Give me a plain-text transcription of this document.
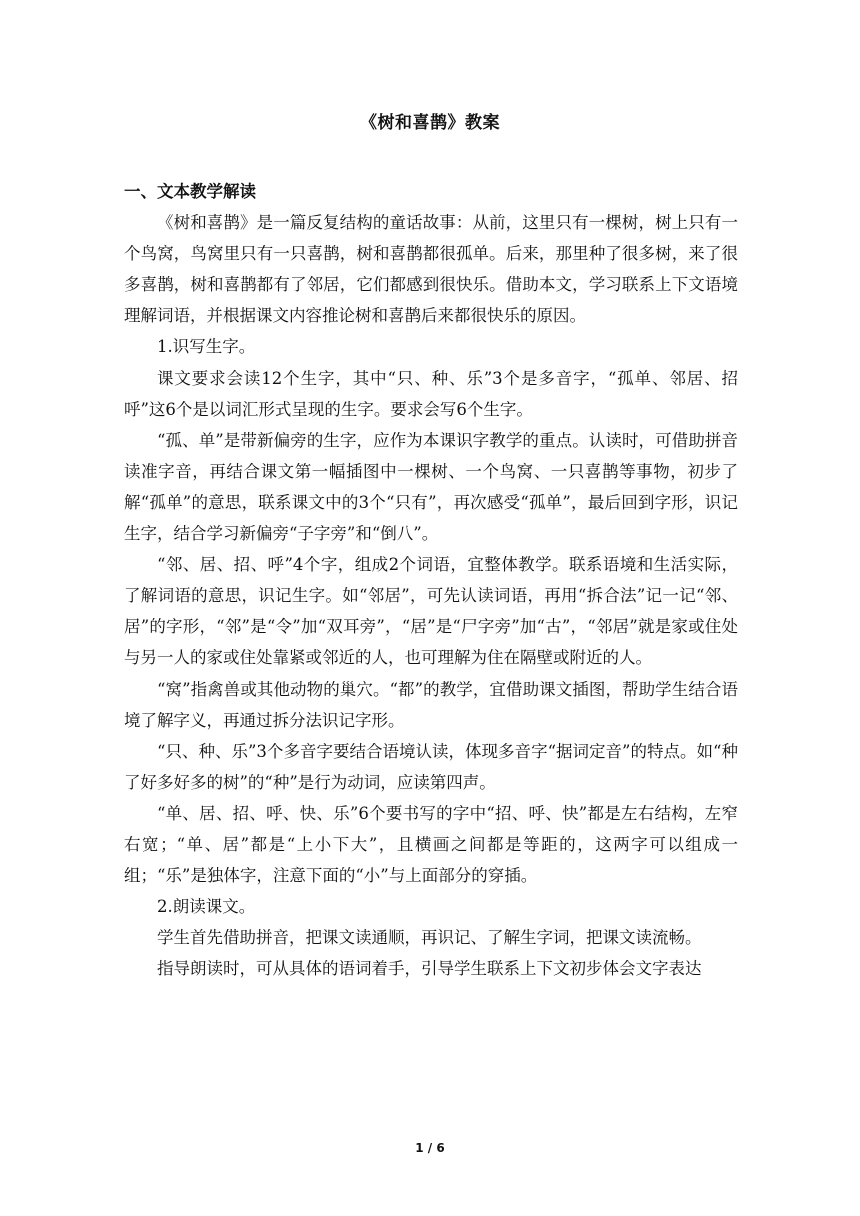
《树和喜鹊》教案

一、文本教学解读

《树和喜鹊》是一篇反复结构的童话故事：从前，这里只有一棵树，树上只有一个鸟窝，鸟窝里只有一只喜鹊，树和喜鹊都很孤单。后来，那里种了很多树，来了很多喜鹊，树和喜鹊都有了邻居，它们都感到很快乐。借助本文，学习联系上下文语境理解词语，并根据课文内容推论树和喜鹊后来都很快乐的原因。

1.识写生字。

课文要求会读12个生字，其中“只、种、乐”3个是多音字，“孤单、邻居、招呼”这6个是以词汇形式呈现的生字。要求会写6个生字。

“孤、单”是带新偏旁的生字，应作为本课识字教学的重点。认读时，可借助拼音读准字音，再结合课文第一幅插图中一棵树、一个鸟窝、一只喜鹊等事物，初步了解“孤单”的意思，联系课文中的3个“只有”，再次感受“孤单”，最后回到字形，识记生字，结合学习新偏旁“子字旁”和“倒八”。

“邻、居、招、呼”4个字，组成2个词语，宜整体教学。联系语境和生活实际，了解词语的意思，识记生字。如“邻居”，可先认读词语，再用“拆合法”记一记“邻、居”的字形，“邻”是“令”加“双耳旁”，“居”是“尸字旁”加“古”，“邻居”就是家或住处与另一人的家或住处靠紧或邻近的人，也可理解为住在隔壁或附近的人。

“窝”指禽兽或其他动物的巢穴。“都”的教学，宜借助课文插图，帮助学生结合语境了解字义，再通过拆分法识记字形。

“只、种、乐”3个多音字要结合语境认读，体现多音字“据词定音”的特点。如“种了好多好多的树”的“种”是行为动词，应读第四声。

“单、居、招、呼、快、乐”6个要书写的字中“招、呼、快”都是左右结构，左窄右宽；“单、居”都是“上小下大”，且横画之间都是等距的，这两字可以组成一组；“乐”是独体字，注意下面的“小”与上面部分的穿插。

2.朗读课文。

学生首先借助拼音，把课文读通顺，再识记、了解生字词，把课文读流畅。

指导朗读时，可从具体的语词着手，引导学生联系上下文初步体会文字表达

1 / 6
